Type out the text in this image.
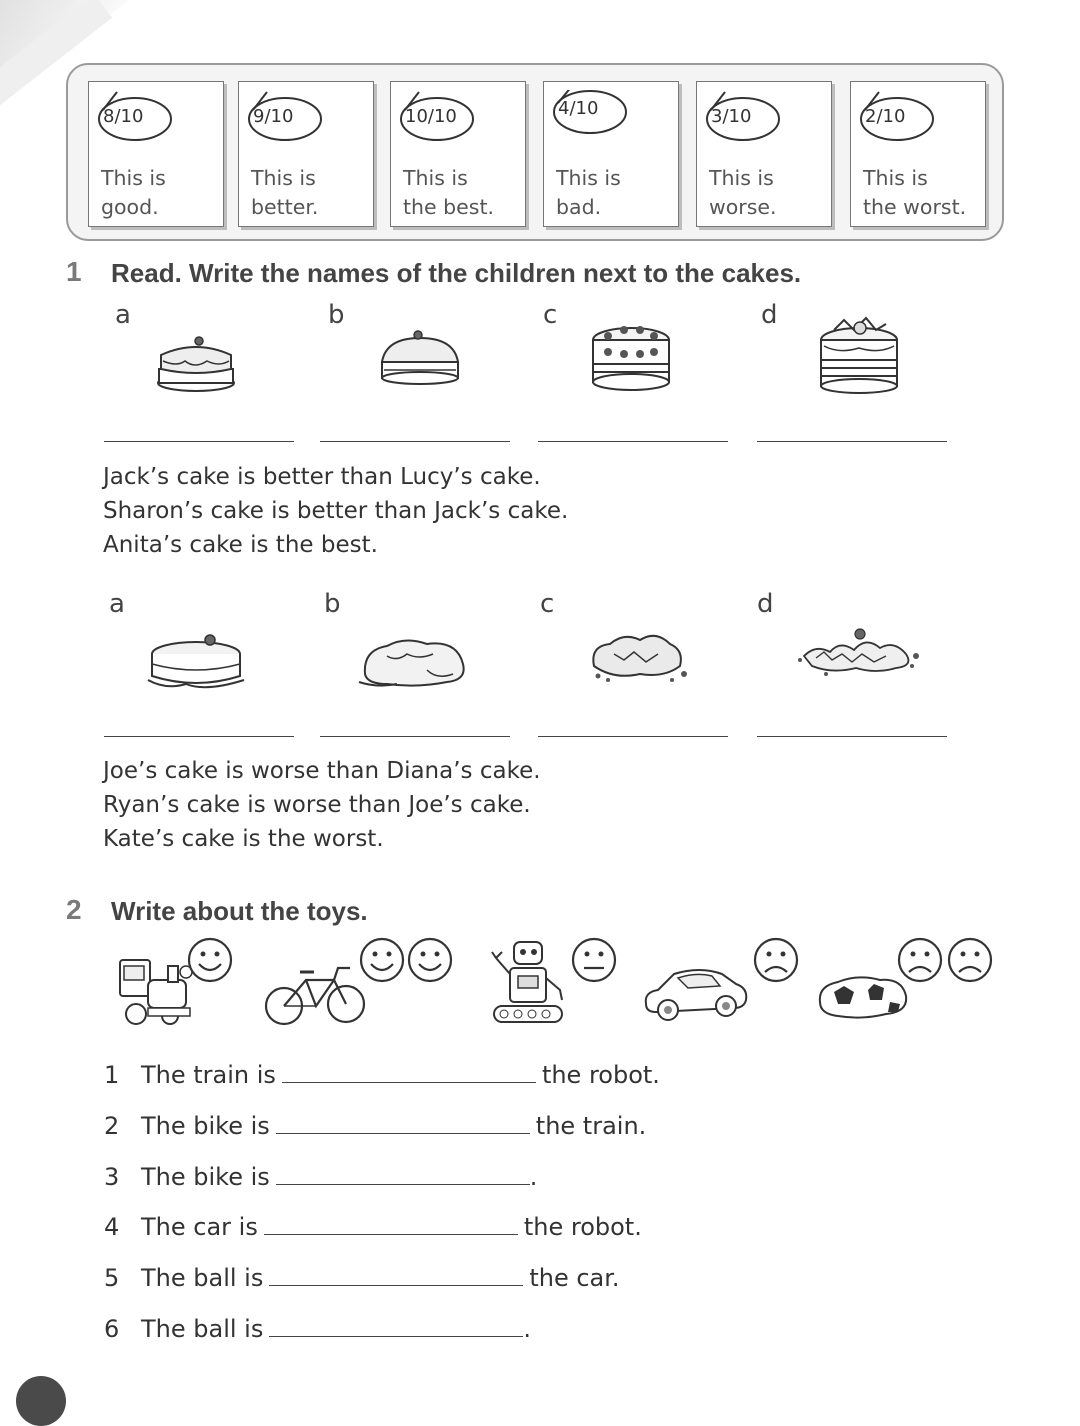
8/10
This is
good.
9/10
This is
better.
10/10
This is
the best.
4/10
This is bad.
3/10
This is
worse.
2/10
This is
the worst.
1 Read. Write the names of the children next to the cakes.
a	b	c	d
Jack’s cake is better than Lucy’s cake.
Sharon’s cake is better than Jack’s cake.
Anita’s cake is the best.
a	b	c	d
Joe’s cake is worse than Diana’s cake.
Ryan’s cake is worse than Joe’s cake.
Kate’s cake is the worst.
2 Write about the toys.
1 The train is	the robot.
2 The bike is	the train.
3 The bike is	.
4 The car is	the robot.
5 The ball is	the car.
6 The ball is	.
